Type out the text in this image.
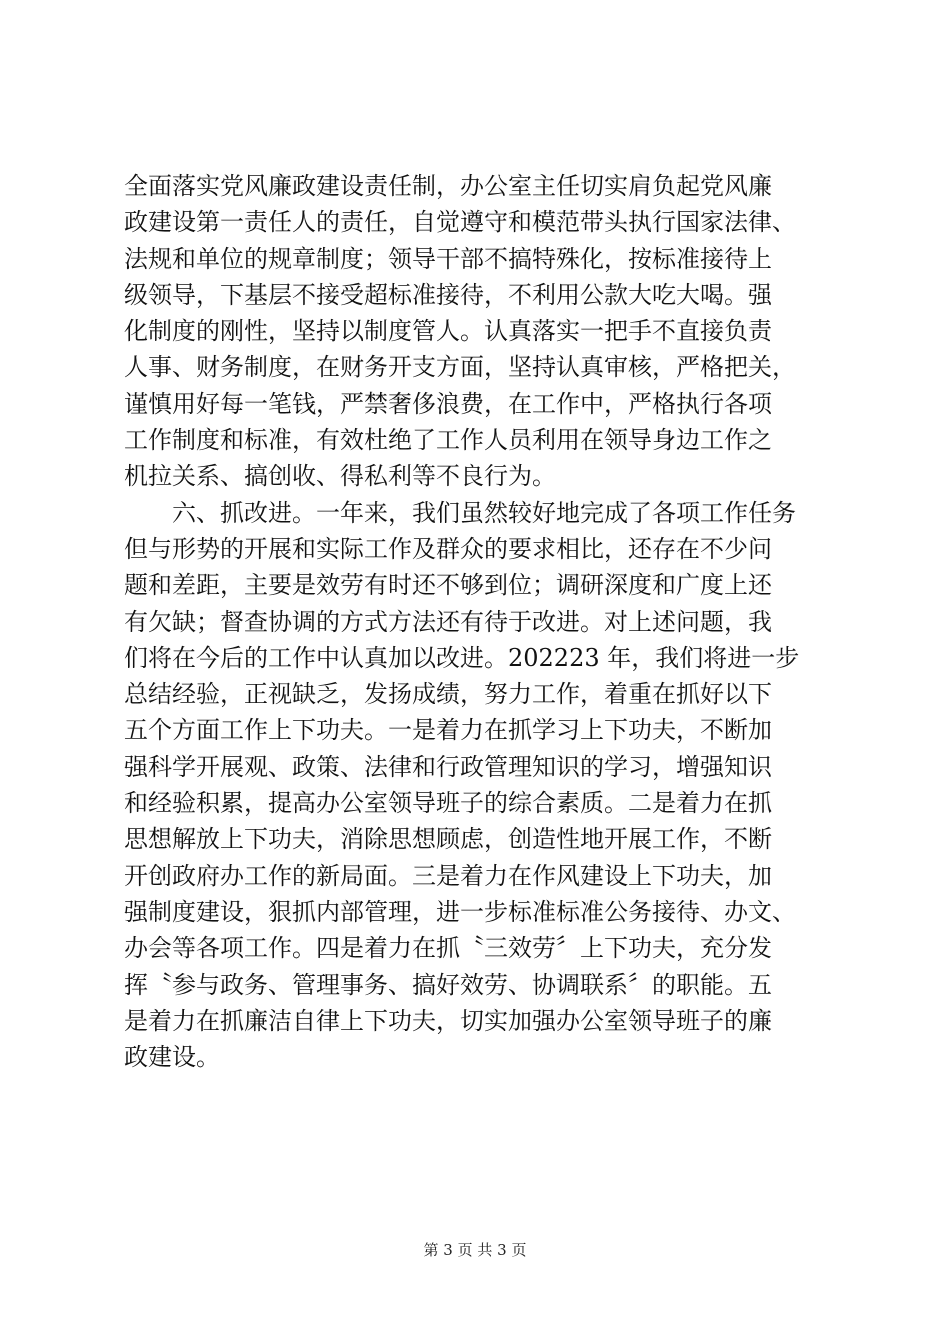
全面落实党风廉政建设责任制，办公室主任切实肩负起党风廉
政建设第一责任人的责任，自觉遵守和模范带头执行国家法律、
法规和单位的规章制度；领导干部不搞特殊化，按标准接待上
级领导，下基层不接受超标准接待，不利用公款大吃大喝。强
化制度的刚性，坚持以制度管人。认真落实一把手不直接负责
人事、财务制度，在财务开支方面，坚持认真审核，严格把关，
谨慎用好每一笔钱，严禁奢侈浪费，在工作中，严格执行各项
工作制度和标准，有效杜绝了工作人员利用在领导身边工作之
机拉关系、搞创收、得私利等不良行为。
　　六、抓改进。一年来，我们虽然较好地完成了各项工作任务
但与形势的开展和实际工作及群众的要求相比，还存在不少问
题和差距，主要是效劳有时还不够到位；调研深度和广度上还
有欠缺；督查协调的方式方法还有待于改进。对上述问题，我
们将在今后的工作中认真加以改进。202223 年，我们将进一步
总结经验，正视缺乏，发扬成绩，努力工作，着重在抓好以下
五个方面工作上下功夫。一是着力在抓学习上下功夫，不断加
强科学开展观、政策、法律和行政管理知识的学习，增强知识
和经验积累，提高办公室领导班子的综合素质。二是着力在抓
思想解放上下功夫，消除思想顾虑，创造性地开展工作，不断
开创政府办工作的新局面。三是着力在作风建设上下功夫，加
强制度建设，狠抓内部管理，进一步标准标准公务接待、办文、
办会等各项工作。四是着力在抓〝三效劳〞上下功夫，充分发
挥〝参与政务、管理事务、搞好效劳、协调联系〞的职能。五
是着力在抓廉洁自律上下功夫，切实加强办公室领导班子的廉
政建设。
第 3 页 共 3 页
